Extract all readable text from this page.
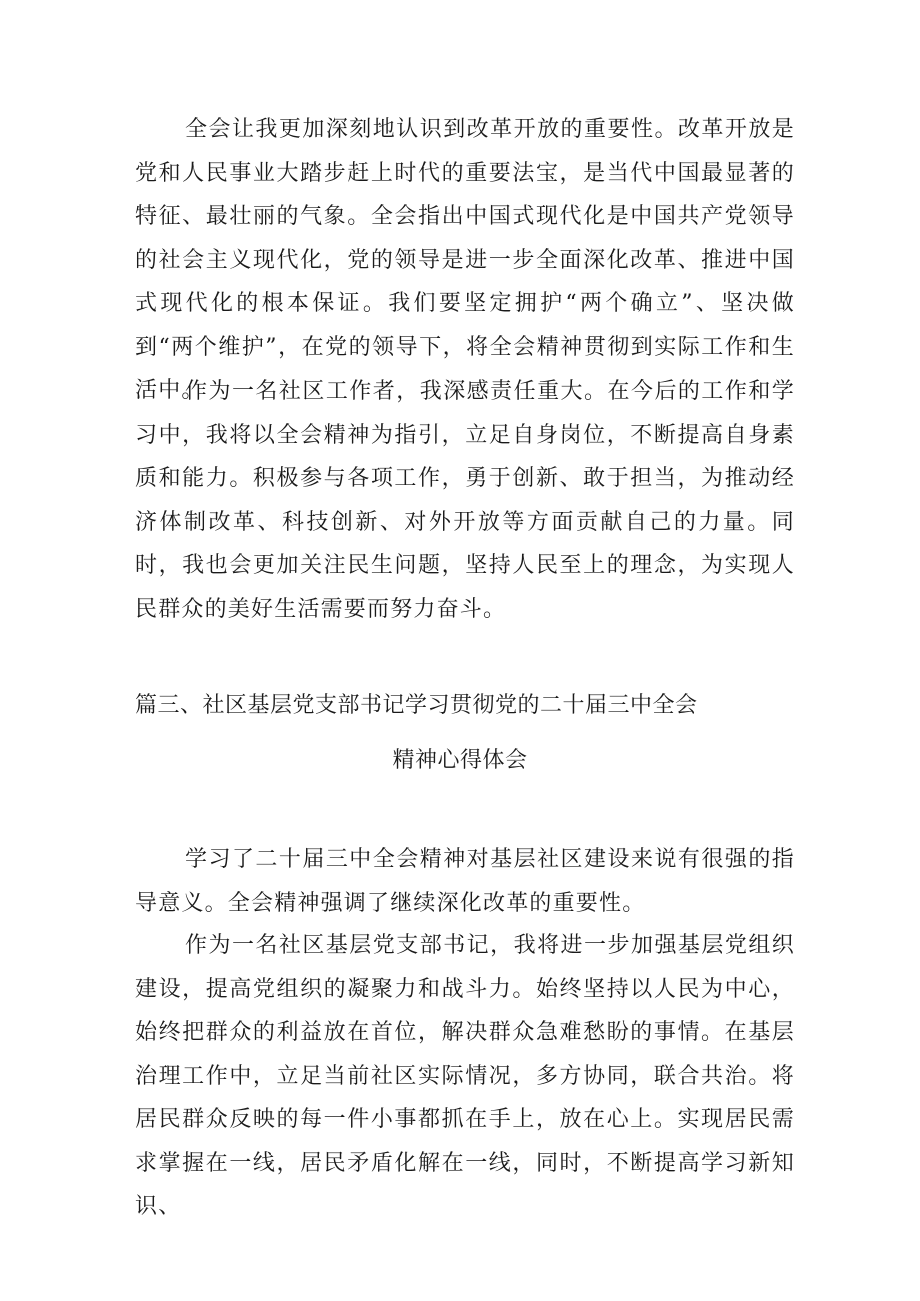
全会让我更加深刻地认识到改革开放的重要性。改革开放是党和人民事业大踏步赶上时代的重要法宝，是当代中国最显著的特征、最壮丽的气象。全会指出中国式现代化是中国共产党领导的社会主义现代化，党的领导是进一步全面深化改革、推进中国式现代化的根本保证。我们要坚定拥护“两个确立”、坚决做到“两个维护”，在党的领导下，将全会精神贯彻到实际工作和生活中。

作为一名社区工作者，我深感责任重大。在今后的工作和学习中，我将以全会精神为指引，立足自身岗位，不断提高自身素质和能力。积极参与各项工作，勇于创新、敢于担当，为推动经济体制改革、科技创新、对外开放等方面贡献自己的力量。同时，我也会更加关注民生问题，坚持人民至上的理念，为实现人民群众的美好生活需要而努力奋斗。

篇三、社区基层党支部书记学习贯彻党的二十届三中全会
精神心得体会

学习了二十届三中全会精神对基层社区建设来说有很强的指导意义。全会精神强调了继续深化改革的重要性。

作为一名社区基层党支部书记，我将进一步加强基层党组织建设，提高党组织的凝聚力和战斗力。始终坚持以人民为中心，始终把群众的利益放在首位，解决群众急难愁盼的事情。在基层治理工作中，立足当前社区实际情况，多方协同，联合共治。将居民群众反映的每一件小事都抓在手上，放在心上。实现居民需求掌握在一线，居民矛盾化解在一线，同时，不断提高学习新知识、
